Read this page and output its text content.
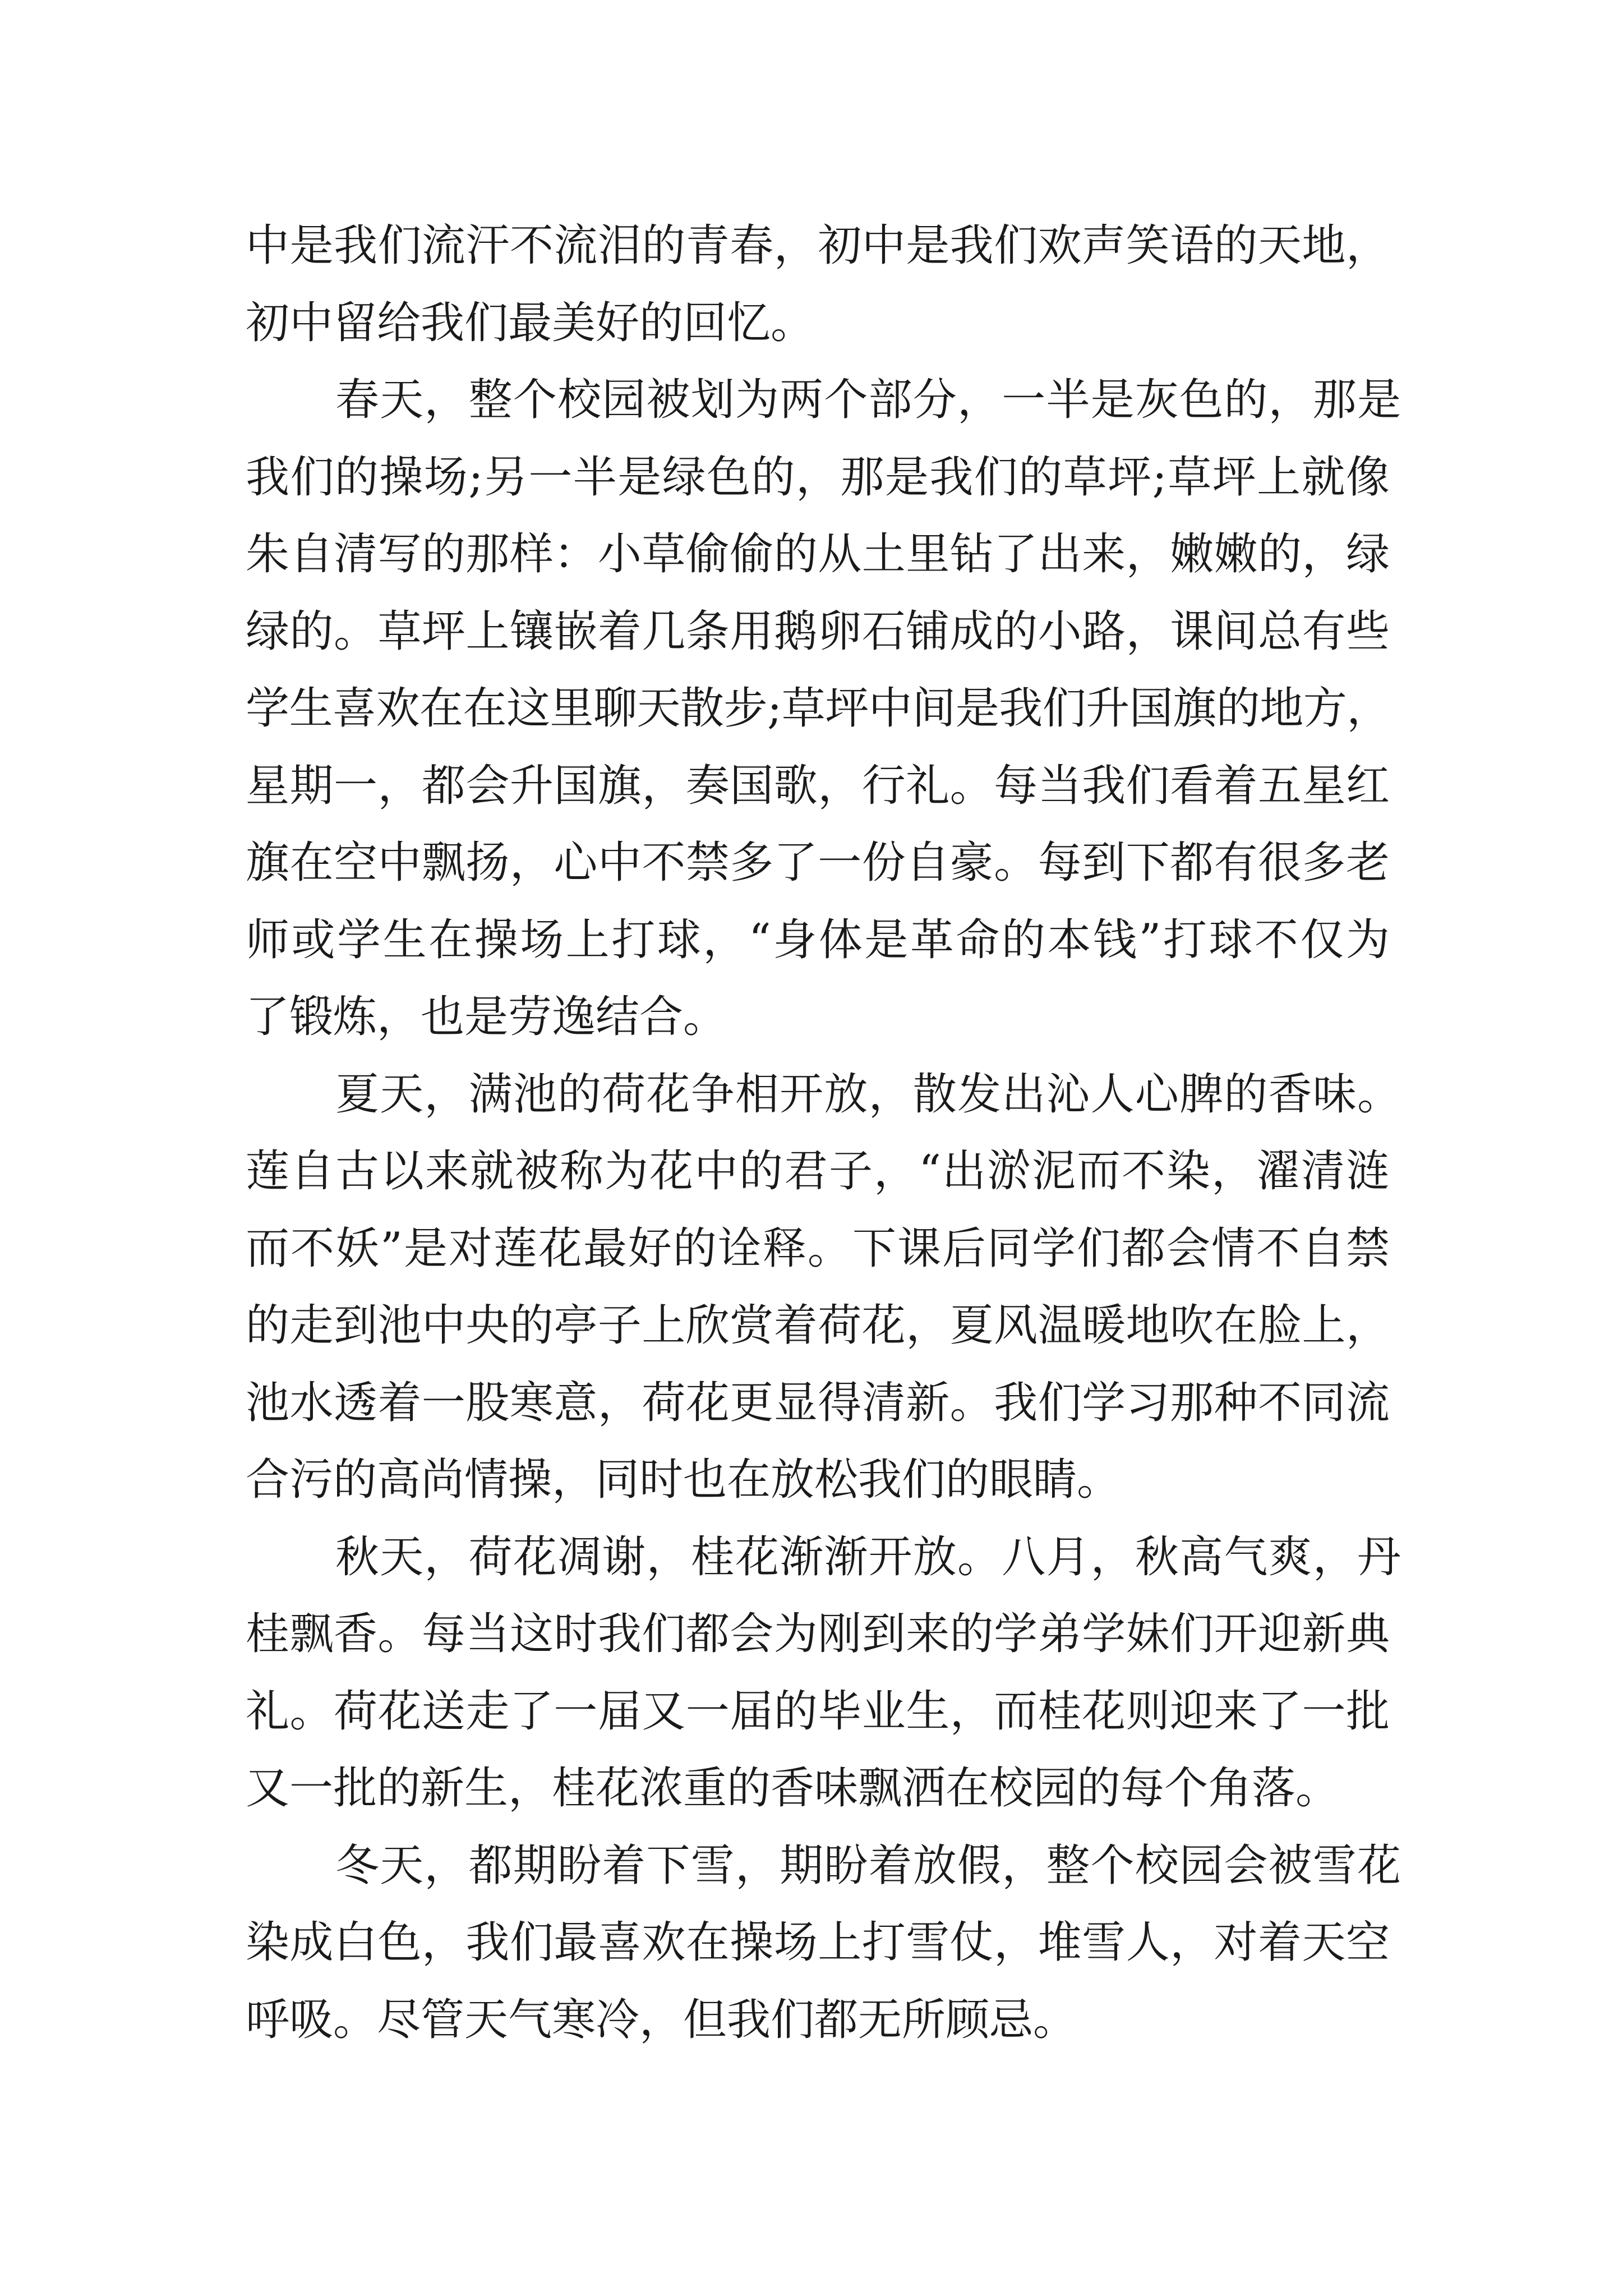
中是我们流汗不流泪的青春，初中是我们欢声笑语的天地，
初中留给我们最美好的回忆。
春天，整个校园被划为两个部分，一半是灰色的，那是
我们的操场;另一半是绿色的，那是我们的草坪;草坪上就像
朱自清写的那样：小草偷偷的从土里钻了出来，嫩嫩的，绿
绿的。草坪上镶嵌着几条用鹅卵石铺成的小路，课间总有些
学生喜欢在在这里聊天散步;草坪中间是我们升国旗的地方，
星期一，都会升国旗，奏国歌，行礼。每当我们看着五星红
旗在空中飘扬，心中不禁多了一份自豪。每到下都有很多老
师或学生在操场上打球，“身体是革命的本钱”打球不仅为
了锻炼，也是劳逸结合。
夏天，满池的荷花争相开放，散发出沁人心脾的香味。
莲自古以来就被称为花中的君子，“出淤泥而不染，濯清涟
而不妖”是对莲花最好的诠释。下课后同学们都会情不自禁
的走到池中央的亭子上欣赏着荷花，夏风温暖地吹在脸上，
池水透着一股寒意，荷花更显得清新。我们学习那种不同流
合污的高尚情操，同时也在放松我们的眼睛。
秋天，荷花凋谢，桂花渐渐开放。八月，秋高气爽，丹
桂飘香。每当这时我们都会为刚到来的学弟学妹们开迎新典
礼。荷花送走了一届又一届的毕业生，而桂花则迎来了一批
又一批的新生，桂花浓重的香味飘洒在校园的每个角落。
冬天，都期盼着下雪，期盼着放假，整个校园会被雪花
染成白色，我们最喜欢在操场上打雪仗，堆雪人，对着天空
呼吸。尽管天气寒冷，但我们都无所顾忌。
